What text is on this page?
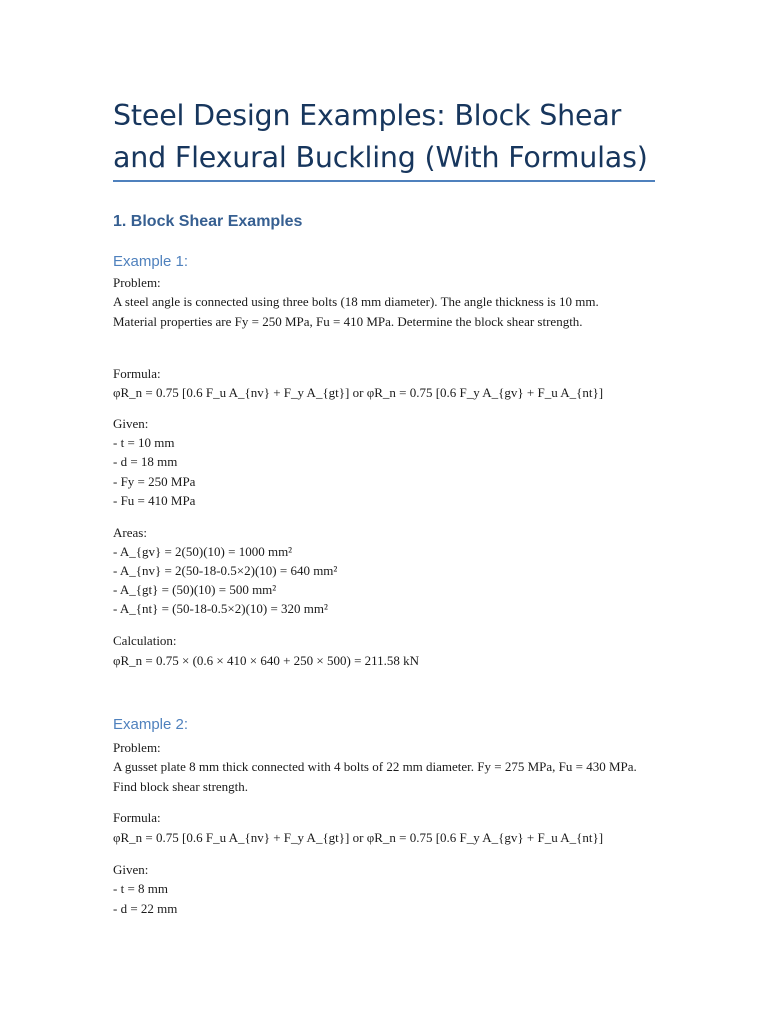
Steel Design Examples: Block Shear and Flexural Buckling (With Formulas)
1. Block Shear Examples
Example 1:

Problem:

A steel angle is connected using three bolts (18 mm diameter). The angle thickness is 10 mm. Material properties are Fy = 250 MPa, Fu = 410 MPa. Determine the block shear strength.

Formula:

φR_n = 0.75 [0.6 F_u A_{nv} + F_y A_{gt}] or φR_n = 0.75 [0.6 F_y A_{gv} + F_u A_{nt}]

Given:

- t = 10 mm

- d = 18 mm

- Fy = 250 MPa

- Fu = 410 MPa

Areas:

- A_{gv} = 2(50)(10) = 1000 mm²

- A_{nv} = 2(50-18-0.5×2)(10) = 640 mm²

- A_{gt} = (50)(10) = 500 mm²

- A_{nt} = (50-18-0.5×2)(10) = 320 mm²

Calculation:

φR_n = 0.75 × (0.6 × 410 × 640 + 250 × 500) = 211.58 kN

Example 2:

Problem:

A gusset plate 8 mm thick connected with 4 bolts of 22 mm diameter. Fy = 275 MPa, Fu = 430 MPa. Find block shear strength.

Formula:

φR_n = 0.75 [0.6 F_u A_{nv} + F_y A_{gt}] or φR_n = 0.75 [0.6 F_y A_{gv} + F_u A_{nt}]

Given:

- t = 8 mm

- d = 22 mm
